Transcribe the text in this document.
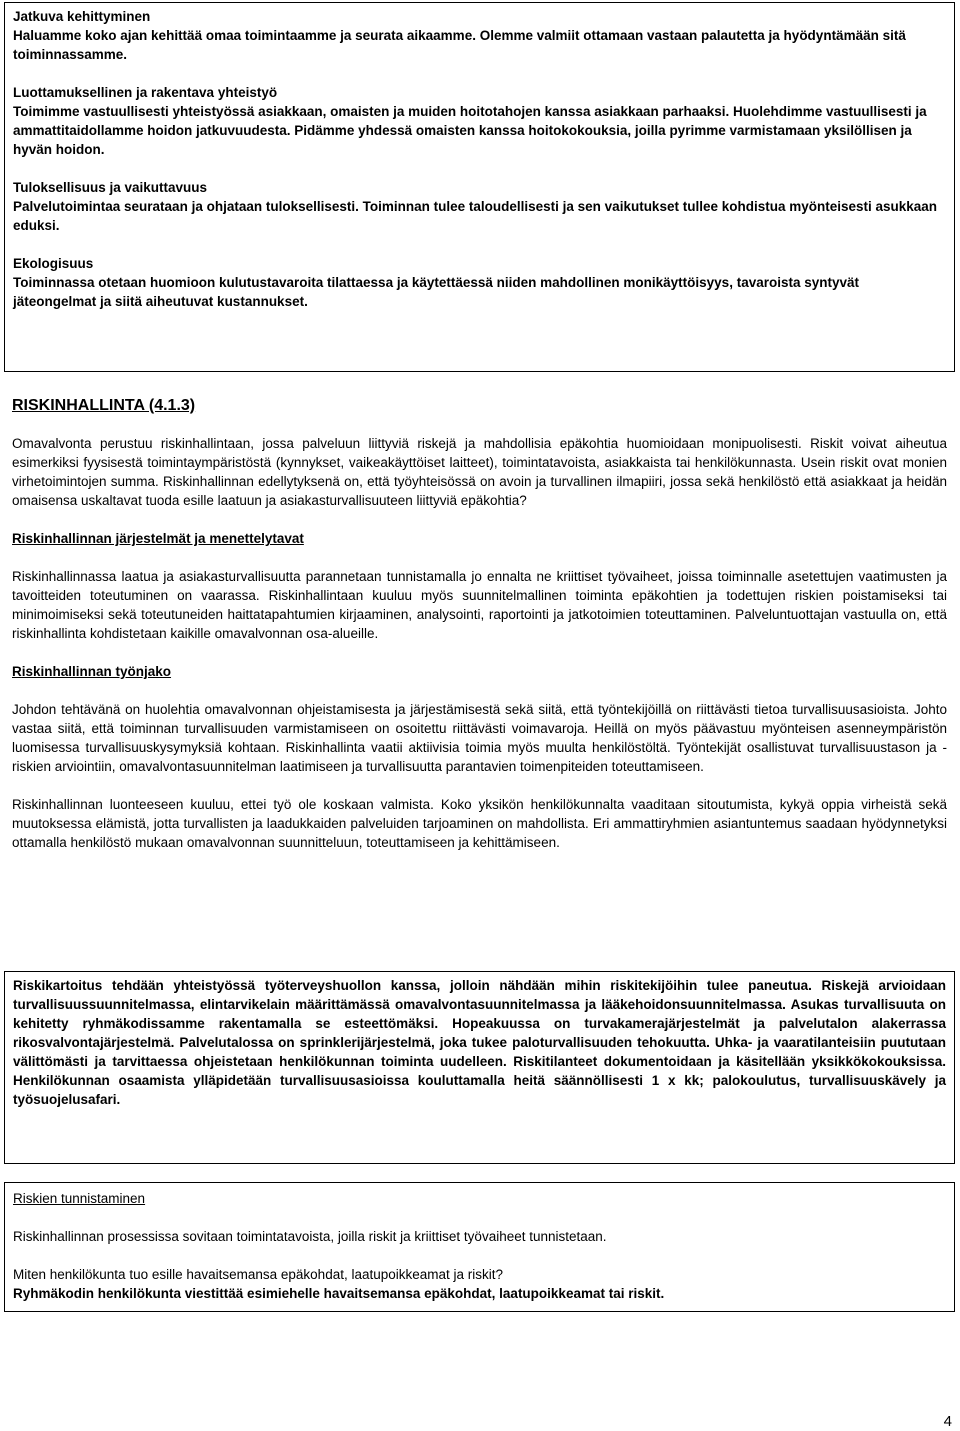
Jatkuva kehittyminen

Haluamme koko ajan kehittää omaa toimintaamme ja seurata aikaamme. Olemme valmiit ottamaan vastaan palautetta ja hyödyntämään sitä toiminnassamme.

Luottamuksellinen ja rakentava yhteistyö

Toimimme vastuullisesti yhteistyössä asiakkaan, omaisten ja muiden hoitotahojen kanssa asiakkaan parhaaksi. Huolehdimme vastuullisesti ja ammattitaidollamme hoidon jatkuvuudesta. Pidämme yhdessä omaisten kanssa hoitokokouksia, joilla pyrimme varmistamaan yksilöllisen ja hyvän hoidon.

Tuloksellisuus ja vaikuttavuus

Palvelutoimintaa seurataan ja ohjataan tuloksellisesti. Toiminnan tulee taloudellisesti ja sen vaikutukset tullee kohdistua myönteisesti asukkaan eduksi.

Ekologisuus

Toiminnassa otetaan huomioon kulutustavaroita tilattaessa ja käytettäessä niiden mahdollinen monikäyttöisyys, tavaroista syntyvät jäteongelmat ja siitä aiheutuvat kustannukset.

RISKINHALLINTA (4.1.3)

Omavalvonta perustuu riskinhallintaan, jossa palveluun liittyviä riskejä ja mahdollisia epäkohtia huomioidaan monipuolisesti. Riskit voivat aiheutua esimerkiksi fyysisestä toimintaympäristöstä (kynnykset, vaikeakäyttöiset laitteet), toimintatavoista, asiakkaista tai henkilökunnasta. Usein riskit ovat monien virhetoimintojen summa. Riskinhallinnan edellytyksenä on, että työyhteisössä on avoin ja turvallinen ilmapiiri, jossa sekä henkilöstö että asiakkaat ja heidän omaisensa uskaltavat tuoda esille laatuun ja asiakasturvallisuuteen liittyviä epäkohtia?

Riskinhallinnan järjestelmät ja menettelytavat

Riskinhallinnassa laatua ja asiakasturvallisuutta parannetaan tunnistamalla jo ennalta ne kriittiset työvaiheet, joissa toiminnalle asetettujen vaatimusten ja tavoitteiden toteutuminen on vaarassa. Riskinhallintaan kuuluu myös suunnitelmallinen toiminta epäkohtien ja todettujen riskien poistamiseksi tai minimoimiseksi sekä toteutuneiden haittatapahtumien kirjaaminen, analysointi, raportointi ja jatkotoimien toteuttaminen. Palveluntuottajan vastuulla on, että riskinhallinta kohdistetaan kaikille omavalvonnan osa-alueille.

Riskinhallinnan työnjako

Johdon tehtävänä on huolehtia omavalvonnan ohjeistamisesta ja järjestämisestä sekä siitä, että työntekijöillä on riittävästi tietoa turvallisuusasioista. Johto vastaa siitä, että toiminnan turvallisuuden varmistamiseen on osoitettu riittävästi voimavaroja. Heillä on myös päävastuu myönteisen asenneympäristön luomisessa turvallisuuskysymyksiä kohtaan. Riskinhallinta vaatii aktiivisia toimia myös muulta henkilöstöltä. Työntekijät osallistuvat turvallisuustason ja -riskien arviointiin, omavalvontasuunnitelman laatimiseen ja turvallisuutta parantavien toimenpiteiden toteuttamiseen.

Riskinhallinnan luonteeseen kuuluu, ettei työ ole koskaan valmista. Koko yksikön henkilökunnalta vaaditaan sitoutumista, kykyä oppia virheistä sekä muutoksessa elämistä, jotta turvallisten ja laadukkaiden palveluiden tarjoaminen on mahdollista. Eri ammattiryhmien asiantuntemus saadaan hyödynnetyksi ottamalla henkilöstö mukaan omavalvonnan suunnitteluun, toteuttamiseen ja kehittämiseen.

Riskikartoitus tehdään yhteistyössä työterveyshuollon kanssa, jolloin nähdään mihin riskitekijöihin tulee paneutua. Riskejä arvioidaan turvallisuussuunnitelmassa, elintarvikelain määrittämässä omavalvontasuunnitelmassa ja lääkehoidonsuunnitelmassa. Asukas turvallisuuta on kehitetty ryhmäkodissamme rakentamalla se esteettömäksi. Hopeakuussa on turvakamerajärjestelmät ja palvelutalon alakerrassa rikosvalvontajärjestelmä. Palvelutalossa on sprinklerijärjestelmä, joka tukee paloturvallisuuden tehokuutta. Uhka- ja vaaratilanteisiin puututaan välittömästi ja tarvittaessa ohjeistetaan henkilökunnan toiminta uudelleen. Riskitilanteet dokumentoidaan ja käsitellään yksikkökokouksissa. Henkilökunnan osaamista ylläpidetään turvallisuusasioissa kouluttamalla heitä säännöllisesti 1 x kk; palokoulutus, turvallisuuskävely ja työsuojelusafari.

Riskien tunnistaminen

Riskinhallinnan prosessissa sovitaan toimintatavoista, joilla riskit ja kriittiset työvaiheet tunnistetaan.

Miten henkilökunta tuo esille havaitsemansa epäkohdat, laatupoikkeamat ja riskit?

Ryhmäkodin henkilökunta viestittää esimiehelle havaitsemansa epäkohdat, laatupoikkeamat tai riskit.

4
